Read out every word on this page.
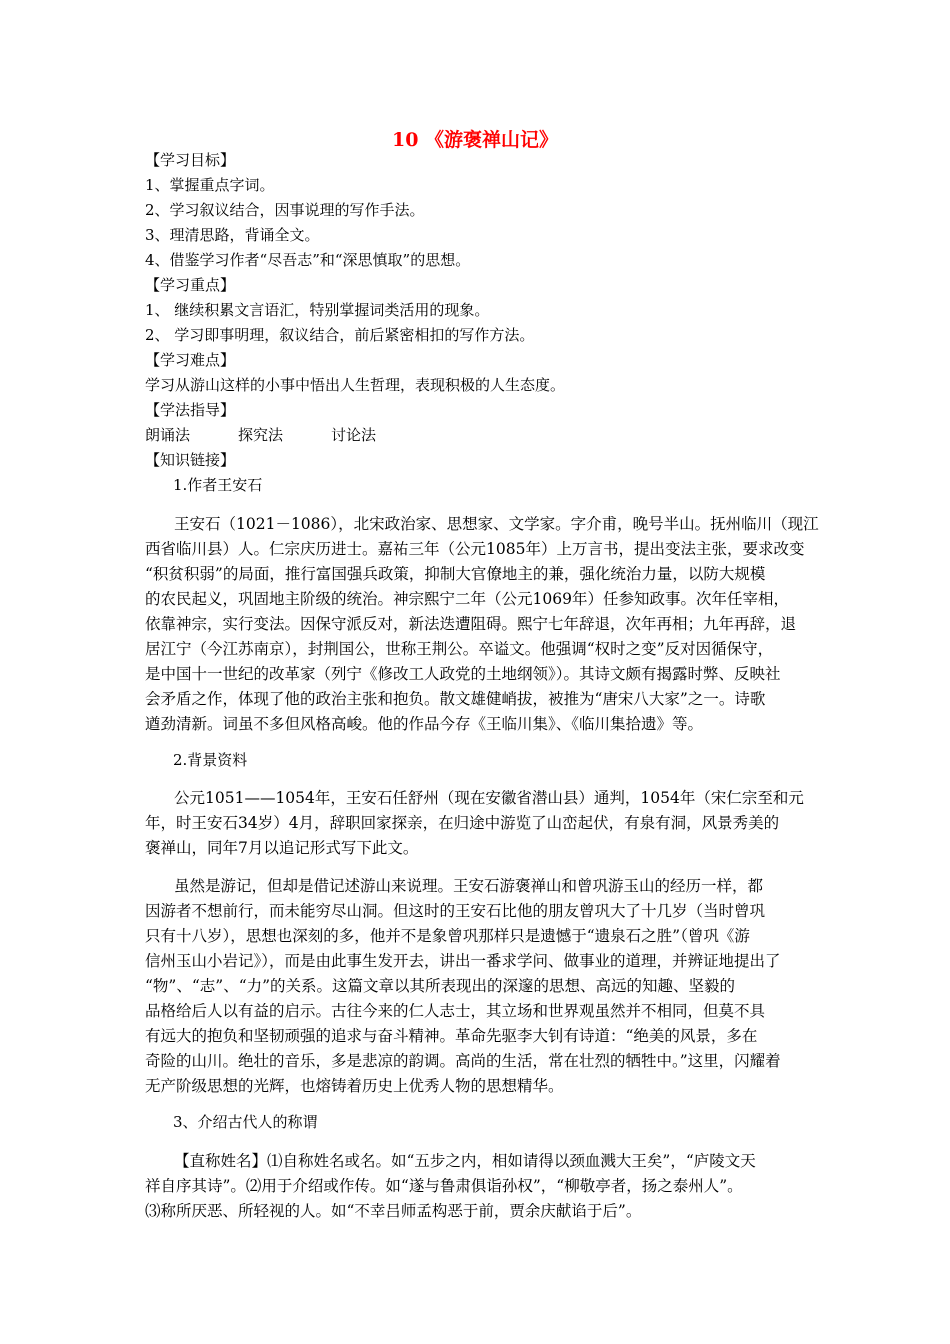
10 《游褒禅山记》
【学习目标】
1、掌握重点字词。
2、学习叙议结合，因事说理的写作手法。
3、理清思路，背诵全文。
4、借鉴学习作者“尽吾志”和“深思慎取”的思想。
【学习重点】
1、 继续积累文言语汇，特别掌握词类活用的现象。
2、 学习即事明理，叙议结合，前后紧密相扣的写作方法。
【学习难点】
学习从游山这样的小事中悟出人生哲理，表现积极的人生态度。
【学法指导】
朗诵法	探究法	讨论法
【知识链接】
1.作者王安石
王安石（1021－1086），北宋政治家、思想家、文学家。字介甫，晚号半山。抚州临川（现江
西省临川县）人。仁宗庆历进士。嘉祐三年（公元1085年）上万言书，提出变法主张，要求改变
“积贫积弱”的局面，推行富国强兵政策，抑制大官僚地主的兼，强化统治力量，以防大规模
的农民起义，巩固地主阶级的统治。神宗熙宁二年（公元1069年）任参知政事。次年任宰相，
依靠神宗，实行变法。因保守派反对，新法迭遭阻碍。熙宁七年辞退，次年再相；九年再辞，退
居江宁（今江苏南京），封荆国公，世称王荆公。卒谥文。他强调“权时之变”反对因循保守，
是中国十一世纪的改革家（列宁《修改工人政党的土地纲领》）。其诗文颇有揭露时弊、反映社
会矛盾之作，体现了他的政治主张和抱负。散文雄健峭拔，被推为“唐宋八大家”之一。诗歌
遒劲清新。词虽不多但风格高峻。他的作品今存《王临川集》、《临川集拾遗》等。
2.背景资料
公元1051——1054年，王安石任舒州（现在安徽省潜山县）通判，1054年（宋仁宗至和元
年，时王安石34岁）4月，辞职回家探亲，在归途中游览了山峦起伏，有泉有洞，风景秀美的
褒禅山，同年7月以追记形式写下此文。
虽然是游记，但却是借记述游山来说理。王安石游褒禅山和曾巩游玉山的经历一样，都
因游者不想前行，而未能穷尽山洞。但这时的王安石比他的朋友曾巩大了十几岁（当时曾巩
只有十八岁），思想也深刻的多，他并不是象曾巩那样只是遗憾于“遗泉石之胜”（曾巩《游
信州玉山小岩记》），而是由此事生发开去，讲出一番求学问、做事业的道理，并辨证地提出了
“物”、“志”、“力”的关系。这篇文章以其所表现出的深邃的思想、高远的知趣、坚毅的
品格给后人以有益的启示。古往今来的仁人志士，其立场和世界观虽然并不相同，但莫不具
有远大的抱负和坚韧顽强的追求与奋斗精神。革命先驱李大钊有诗道：“绝美的风景，多在
奇险的山川。绝壮的音乐，多是悲凉的韵调。高尚的生活，常在壮烈的牺牲中。”这里，闪耀着
无产阶级思想的光辉，也熔铸着历史上优秀人物的思想精华。
3、介绍古代人的称谓
【直称姓名】⑴自称姓名或名。如“五步之内，相如请得以颈血溅大王矣”，“庐陵文天
祥自序其诗”。⑵用于介绍或作传。如“遂与鲁肃俱诣孙权”，“柳敬亭者，扬之泰州人”。
⑶称所厌恶、所轻视的人。如“不幸吕师孟构恶于前，贾余庆献谄于后”。
